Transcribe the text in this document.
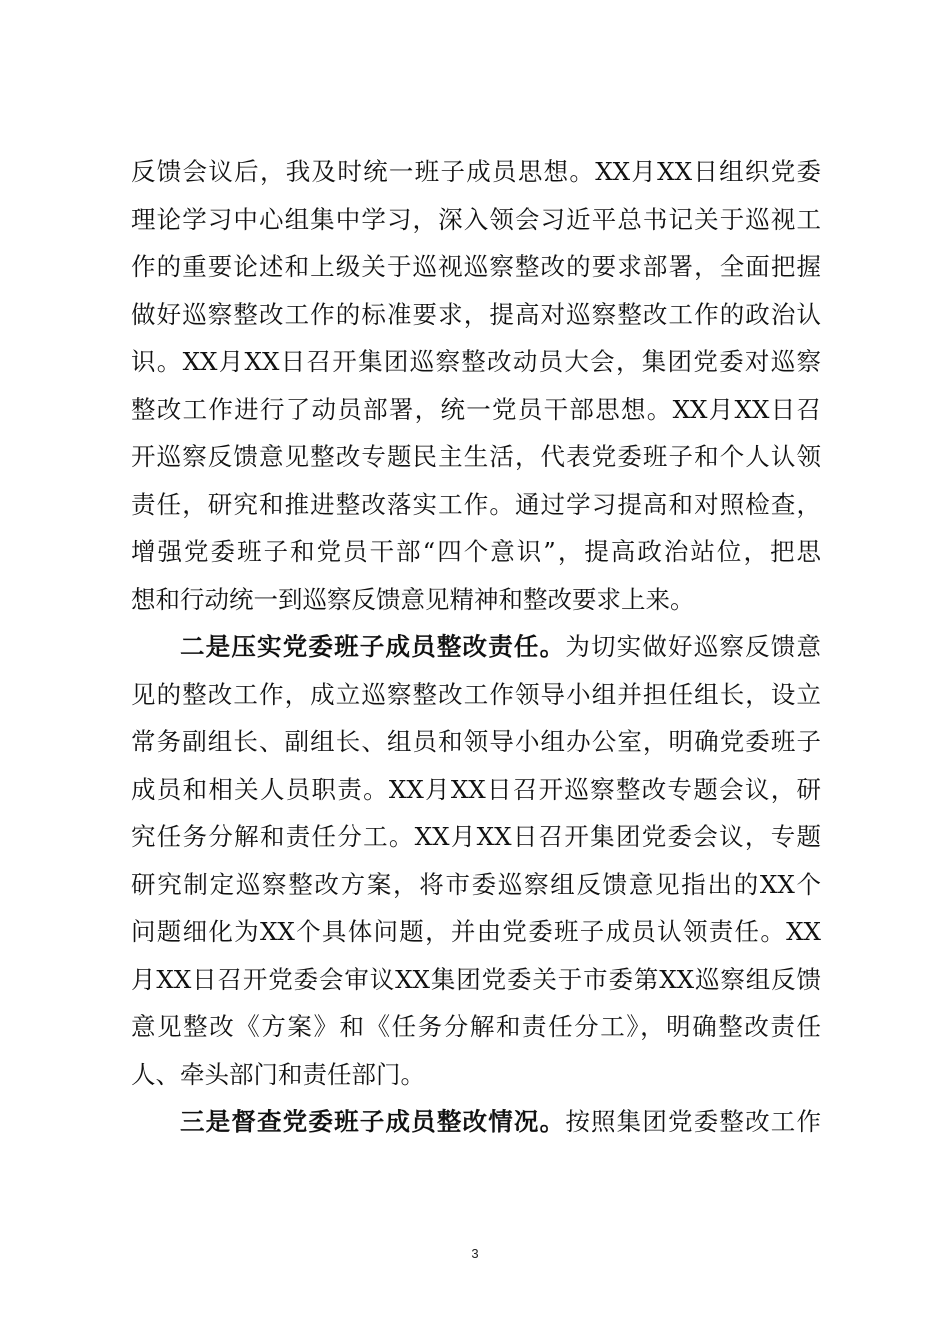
反馈会议后，我及时统一班子成员思想。XX月XX日组织党委
理论学习中心组集中学习，深入领会习近平总书记关于巡视工
作的重要论述和上级关于巡视巡察整改的要求部署，全面把握
做好巡察整改工作的标准要求，提高对巡察整改工作的政治认
识。XX月XX日召开集团巡察整改动员大会，集团党委对巡察
整改工作进行了动员部署，统一党员干部思想。XX月XX日召
开巡察反馈意见整改专题民主生活，代表党委班子和个人认领
责任，研究和推进整改落实工作。通过学习提高和对照检查，
增强党委班子和党员干部“四个意识”，提高政治站位，把思
想和行动统一到巡察反馈意见精神和整改要求上来。
二是压实党委班子成员整改责任。为切实做好巡察反馈意
见的整改工作，成立巡察整改工作领导小组并担任组长，设立
常务副组长、副组长、组员和领导小组办公室，明确党委班子
成员和相关人员职责。XX月XX日召开巡察整改专题会议，研
究任务分解和责任分工。XX月XX日召开集团党委会议，专题
研究制定巡察整改方案，将市委巡察组反馈意见指出的XX个
问题细化为XX个具体问题，并由党委班子成员认领责任。XX
月XX日召开党委会审议XX集团党委关于市委第XX巡察组反馈
意见整改《方案》和《任务分解和责任分工》，明确整改责任
人、牵头部门和责任部门。
三是督查党委班子成员整改情况。按照集团党委整改工作
3
